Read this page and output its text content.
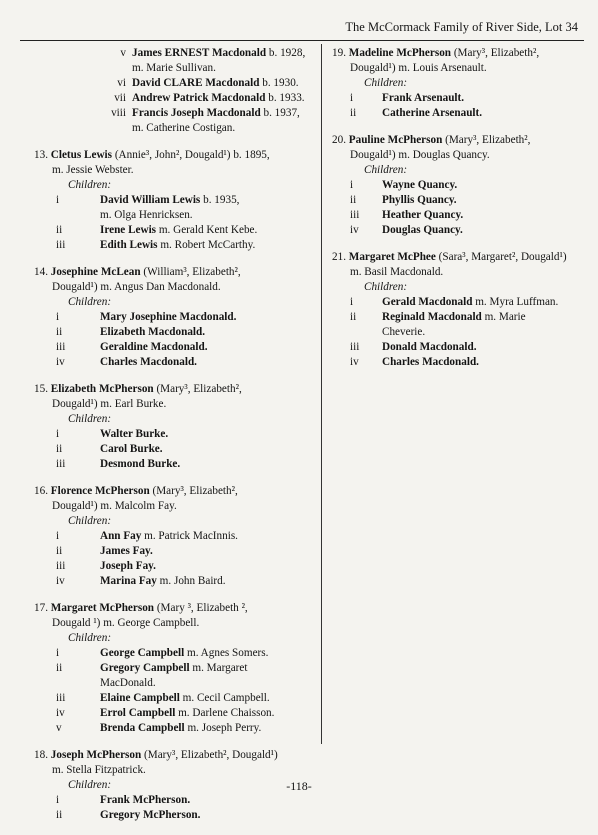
The McCormack Family of River Side, Lot 34
v James ERNEST Macdonald b. 1928,
m. Marie Sullivan.
vi David CLARE Macdonald b. 1930.
vii Andrew Patrick Macdonald b. 1933.
viii Francis Joseph Macdonald b. 1937,
m. Catherine Costigan.
13. Cletus Lewis (Annie³, John², Dougald¹) b. 1895,
m. Jessie Webster.
Children:
i	David William Lewis b. 1935,
m. Olga Henricksen.
ii	Irene Lewis m. Gerald Kent Kebe.
iii	Edith Lewis m. Robert McCarthy.
14. Josephine McLean (William³, Elizabeth²,
Dougald¹) m. Angus Dan Macdonald.
Children:
i	Mary Josephine Macdonald.
ii	Elizabeth Macdonald.
iii	Geraldine Macdonald.
iv	Charles Macdonald.
15. Elizabeth McPherson (Mary³, Elizabeth²,
Dougald¹) m. Earl Burke.
Children:
i	Walter Burke.
ii	Carol Burke.
iii	Desmond Burke.
16. Florence McPherson (Mary³, Elizabeth²,
Dougald¹) m. Malcolm Fay.
Children:
i	Ann Fay m. Patrick MacInnis.
ii	James Fay.
iii	Joseph Fay.
iv	Marina Fay m. John Baird.
17. Margaret McPherson (Mary ³, Elizabeth ²,
Dougald ¹) m. George Campbell.
Children:
i	George Campbell m. Agnes Somers.
ii	Gregory Campbell m. Margaret
MacDonald.
iii	Elaine Campbell m. Cecil Campbell.
iv	Errol Campbell m. Darlene Chaisson.
v	Brenda Campbell m. Joseph Perry.
18. Joseph McPherson (Mary³, Elizabeth², Dougald¹)
m. Stella Fitzpatrick.
Children:
i	Frank McPherson.
ii	Gregory McPherson.
19. Madeline McPherson (Mary³, Elizabeth²,
Dougald¹) m. Louis Arsenault.
Children:
i	Frank Arsenault.
ii Catherine Arsenault.
20. Pauline McPherson (Mary³, Elizabeth²,
Dougald¹) m. Douglas Quancy.
Children:
i	Wayne Quancy.
ii Phyllis Quancy.
iii Heather Quancy.
iv Douglas Quancy.
21. Margaret McPhee (Sara³, Margaret², Dougald¹)
m. Basil Macdonald.
Children:
i	Gerald Macdonald m. Myra Luffman.
ii Reginald Macdonald m. Marie
Cheverie.
iii Donald Macdonald.
iv Charles Macdonald.
-118-
